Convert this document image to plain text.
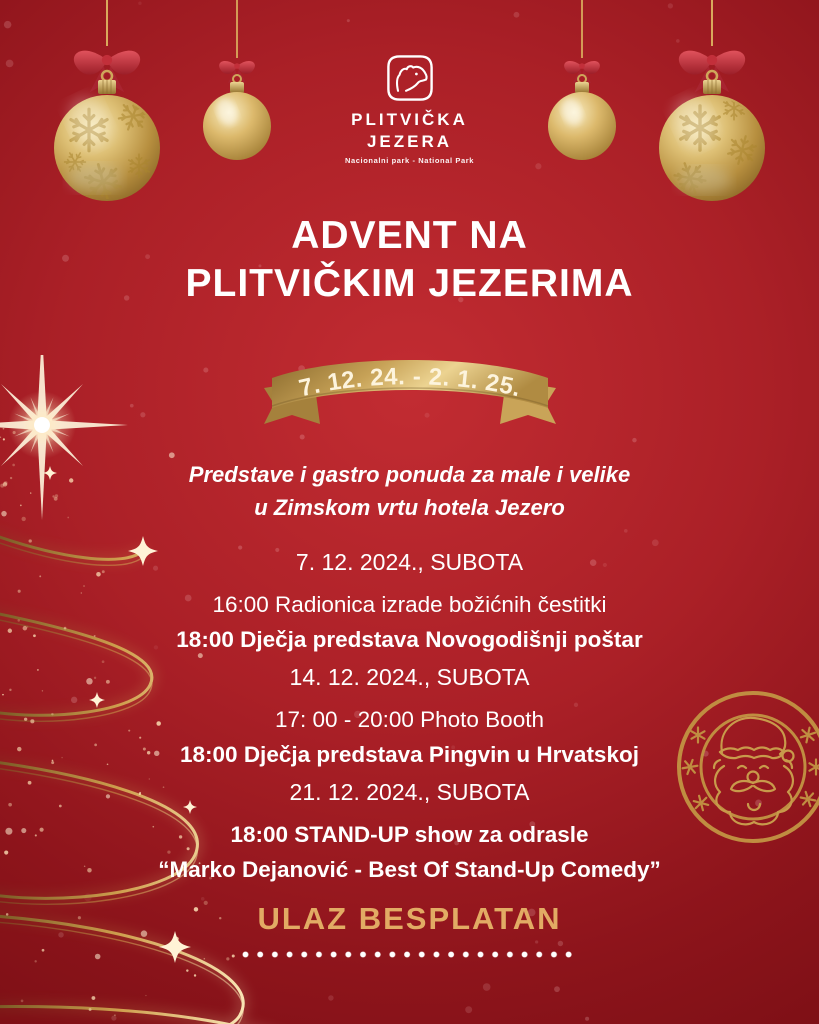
PLITVIČKA
JEZERA
Nacionalni park - National Park
ADVENT NA
PLITVIČKIM JEZERIMA
7. 12. 24. - 2. 1. 25.
Predstave i gastro ponuda za male i velike
u Zimskom vrtu hotela Jezero
7. 12. 2024., SUBOTA
16:00 Radionica izrade božićnih čestitki
18:00 Dječja predstava Novogodišnji poštar
14. 12. 2024., SUBOTA
17: 00 - 20:00 Photo Booth
18:00 Dječja predstava Pingvin u Hrvatskoj
21. 12. 2024., SUBOTA
18:00 STAND-UP show za odrasle
“Marko Dejanović - Best Of Stand-Up Comedy”
ULAZ BESPLATAN
